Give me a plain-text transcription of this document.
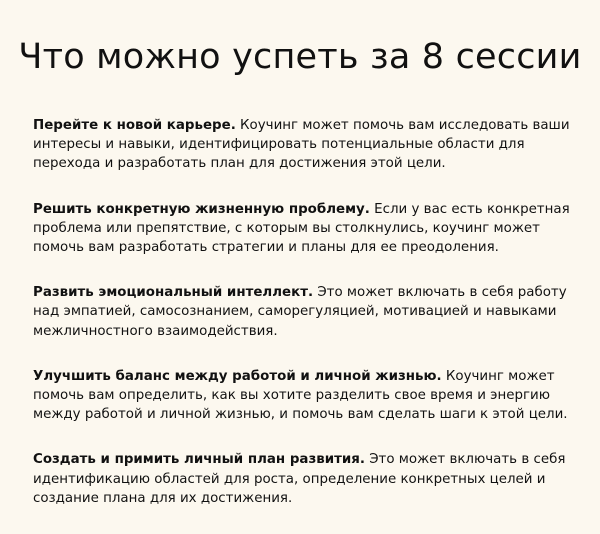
Что можно успеть за 8 сессии

Перейте к новой карьере. Коучинг может помочь вам исследовать ваши интересы и навыки, идентифицировать потенциальные области для перехода и разработать план для достижения этой цели.

Решить конкретную жизненную проблему. Если у вас есть конкретная проблема или препятствие, с которым вы столкнулись, коучинг может помочь вам разработать стратегии и планы для ее преодоления.

Развить эмоциональный интеллект. Это может включать в себя работу над эмпатией, самосознанием, саморегуляцией, мотивацией и навыками межличностного взаимодействия.

Улучшить баланс между работой и личной жизнью. Коучинг может помочь вам определить, как вы хотите разделить свое время и энергию между работой и личной жизнью, и помочь вам сделать шаги к этой цели.

Создать и примить личный план развития. Это может включать в себя идентификацию областей для роста, определение конкретных целей и создание плана для их достижения.
